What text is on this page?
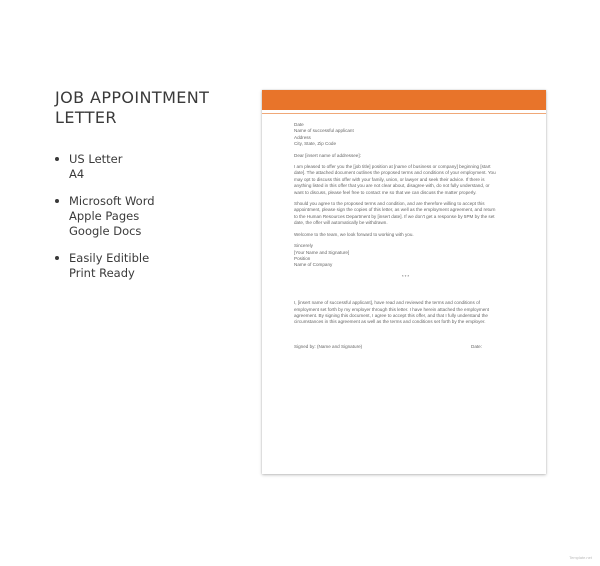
JOB APPOINTMENT
LETTER
US Letter
A4
Microsoft Word
Apple Pages
Google Docs
Easily Editible
Print Ready

Date
Name of successful applicant
Address
City, State, Zip Code

Dear [insert name of addressee]:

I am pleased to offer you the [job title] position at [name of business or company] beginning [start
date]. The attached document outlines the proposed terms and conditions of your employment. You
may opt to discuss this offer with your family, union, or lawyer and seek their advice. If there is
anything listed in this offer that you are not clear about, disagree with, do not fully understand, or
want to discuss, please feel free to contact me so that we can discuss the matter properly.

Should you agree to the proposed terms and condition, and are therefore willing to accept this
appointment, please sign the copies of this letter, as well as the employment agreement, and return
to the Human Resources Department by [insert date]. If we don't get a response by 5PM by the set
date, the offer will automatically be withdrawn.

Welcome to the team, we look forward to working with you.

Sincerely
[Your Name and Signature]
Position
Name of Company

***

I, [insert name of successful applicant], have read and reviewed the terms and conditions of
employment set forth by my employer through this letter. I have herein attached the employment
agreement. By signing this document, I agree to accept this offer, and that I fully understand the
circumstances in this agreement as well as the terms and conditions set forth by the employer.

Signed by: (Name and Signature)	Date:
Template.net
